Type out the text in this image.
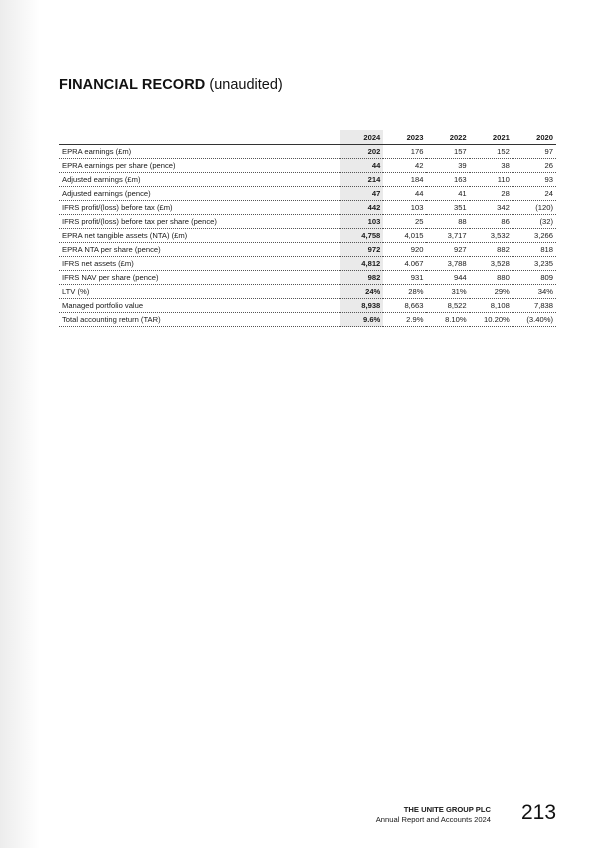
FINANCIAL RECORD (unaudited)
	2024	2023	2022	2021	2020
EPRA earnings (£m)	202	176	157	152	97
EPRA earnings per share (pence)	44	42	39	38	26
Adjusted earnings (£m)	214	184	163	110	93
Adjusted earnings (pence)	47	44	41	28	24
IFRS profit/(loss) before tax (£m)	442	103	351	342	(120)
IFRS profit/(loss) before tax per share (pence)	103	25	88	86	(32)
EPRA net tangible assets (NTA) (£m)	4,758	4,015	3,717	3,532	3,266
EPRA NTA per share (pence)	972	920	927	882	818
IFRS net assets (£m)	4,812	4.067	3,788	3,528	3,235
IFRS NAV per share (pence)	982	931	944	880	809
LTV (%)	24%	28%	31%	29%	34%
Managed portfolio value	8,938	8,663	8,522	8,108	7,838
Total accounting return (TAR)	9.6%	2.9%	8.10%	10.20%	(3.40%)
THE UNITE GROUP PLC
Annual Report and Accounts 2024 213
